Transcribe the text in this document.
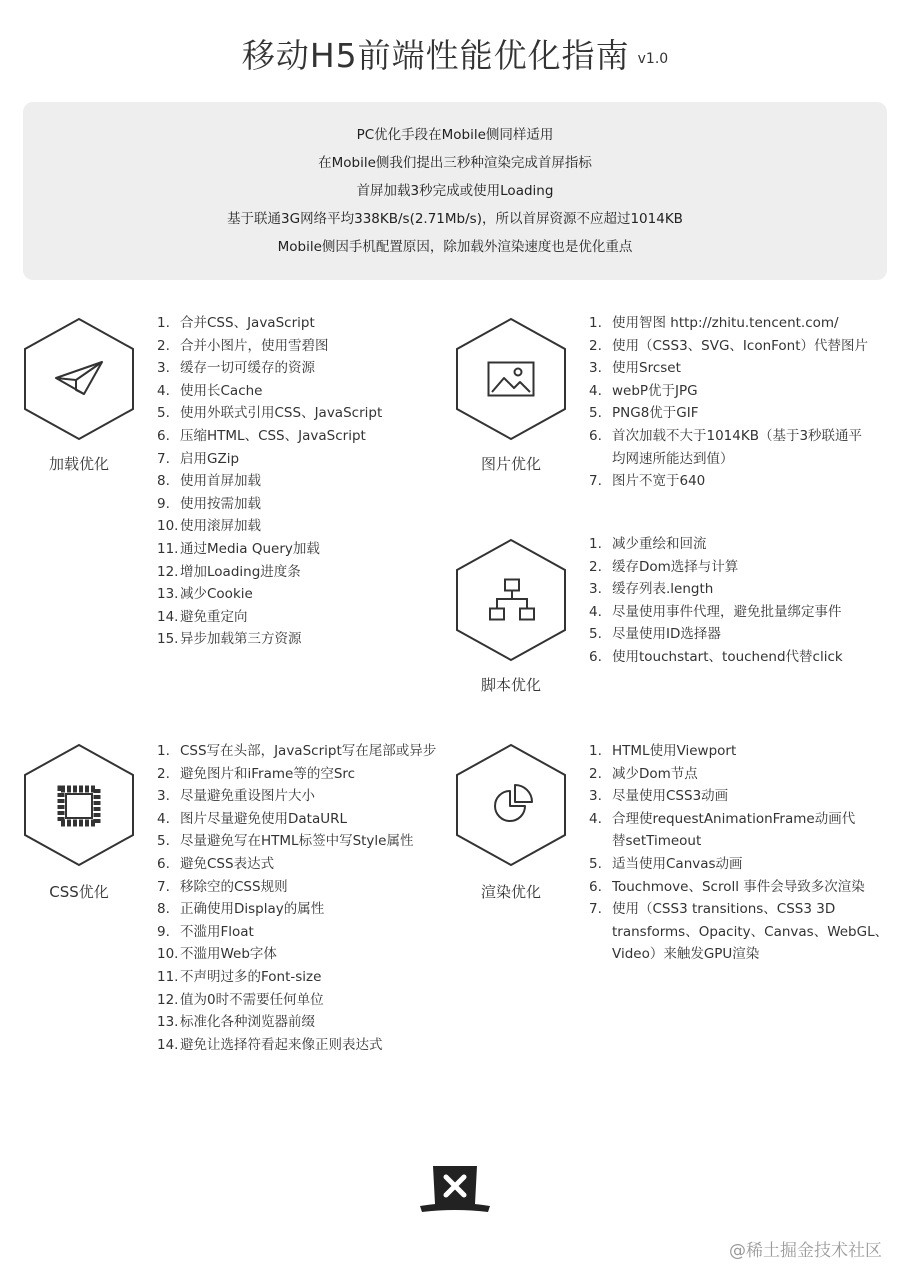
移动H5前端性能优化指南 v1.0
PC优化手段在Mobile侧同样适用
在Mobile侧我们提出三秒种渲染完成首屏指标
首屏加载3秒完成或使用Loading
基于联通3G网络平均338KB/s(2.71Mb/s)，所以首屏资源不应超过1014KB
Mobile侧因手机配置原因，除加载外渲染速度也是优化重点
加载优化
1. 合并CSS、JavaScript
2. 合并小图片，使用雪碧图
3. 缓存一切可缓存的资源
4. 使用长Cache
5. 使用外联式引用CSS、JavaScript
6. 压缩HTML、CSS、JavaScript
7. 启用GZip
8. 使用首屏加载
9. 使用按需加载
10. 使用滚屏加载
11. 通过Media Query加载
12. 增加Loading进度条
13. 减少Cookie
14. 避免重定向
15. 异步加载第三方资源
图片优化
1. 使用智图 http://zhitu.tencent.com/
2. 使用（CSS3、SVG、IconFont）代替图片
3. 使用Srcset
4. webP优于JPG
5. PNG8优于GIF
6. 首次加载不大于1014KB（基于3秒联通平
均网速所能达到值）
7. 图片不宽于640
脚本优化
1. 减少重绘和回流
2. 缓存Dom选择与计算
3. 缓存列表.length
4. 尽量使用事件代理，避免批量绑定事件
5. 尽量使用ID选择器
6. 使用touchstart、touchend代替click
CSS优化
1. CSS写在头部，JavaScript写在尾部或异步
2. 避免图片和iFrame等的空Src
3. 尽量避免重设图片大小
4. 图片尽量避免使用DataURL
5. 尽量避免写在HTML标签中写Style属性
6. 避免CSS表达式
7. 移除空的CSS规则
8. 正确使用Display的属性
9. 不滥用Float
10. 不滥用Web字体
11. 不声明过多的Font-size
12. 值为0时不需要任何单位
13. 标准化各种浏览器前缀
14. 避免让选择符看起来像正则表达式
渲染优化
1. HTML使用Viewport
2. 减少Dom节点
3. 尽量使用CSS3动画
4. 合理使requestAnimationFrame动画代
替setTimeout
5. 适当使用Canvas动画
6. Touchmove、Scroll 事件会导致多次渲染
7. 使用（CSS3 transitions、CSS3 3D
transforms、Opacity、Canvas、WebGL、
Video）来触发GPU渲染
@稀土掘金技术社区
